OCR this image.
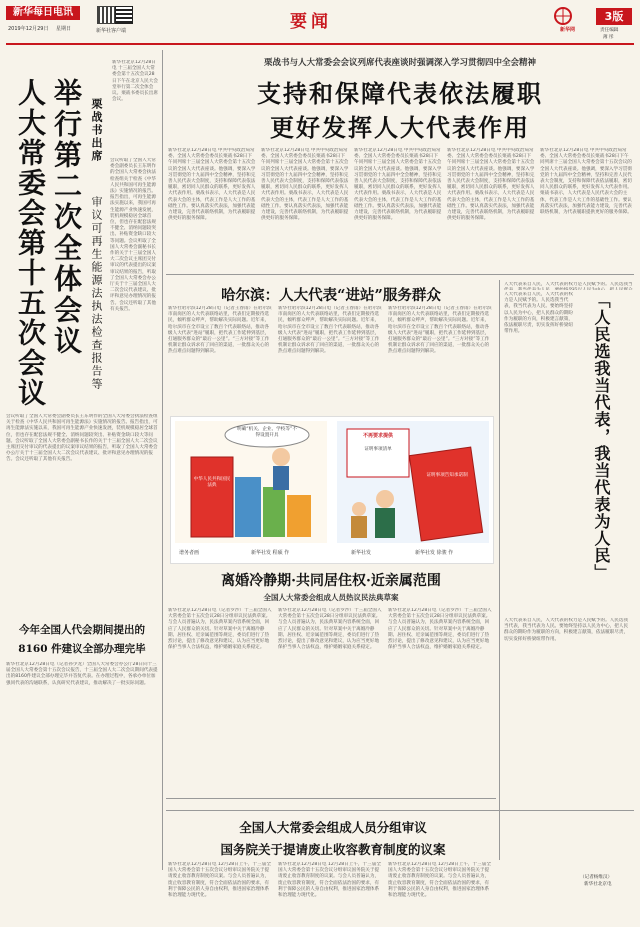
新华每日电讯
2019年12月29日 星期日	新华社客户端	要闻	新华网
3版
责任编辑
薄 彤
人大常委会第十五次会议 举行第二次全体会议 栗战书出席
审议可再生能源法执法检查报告等
新华社北京12月28日电 十三届全国人大常委会第十五次会议28日下午在北京人民大会堂举行第二次全体会议。栗战书委员长出席会议。
会议听取了全国人大常委会副委员长王东明作的全国人大常委会执法检查组关于检查《中华人民共和国可再生能源法》实施情况的报告。报告指出，可再生能源法实施以来，我国可再生能源产业快速发展，装机规模稳居全球首位，但也存在配套法规不健全、消纳问题较突出、补贴资金缺口较大等问题。会议听取了全国人大常委会副秘书长作的关于十三届全国人大二次会议主席团交付审议的代表提出的议案审议结果的报告，听取了全国人大常委会办公厅关于十三届全国人大二次会议代表建议、批评和意见办理情况的报告。会议还听取了其他有关报告。
会议听取了全国人大常委会副委员长王东明作的全国人大常委会执法检查组关于检查《中华人民共和国可再生能源法》实施情况的报告。报告指出，可再生能源法实施以来，我国可再生能源产业快速发展，装机规模稳居全球首位，但也存在配套法规不健全、消纳问题较突出、补贴资金缺口较大等问题。会议听取了全国人大常委会副秘书长作的关于十三届全国人大二次会议主席团交付审议的代表提出的议案审议结果的报告，听取了全国人大常委会办公厅关于十三届全国人大二次会议代表建议、批评和意见办理情况的报告。会议还听取了其他有关报告。
今年全国人代会期间提出的
8160 件建议全部办理完毕
新华社北京12月28日电（记者孙少龙）全国人大常委会办公厅28日向十三届全国人大常委会第十五次会议报告，十三届全国人大二次会议期间代表提出的8160件建议全部办理完毕并答复代表。在办理过程中，各承办单位加强同代表的沟通联系，认真研究代表建议，推动解决了一批实际问题。
栗战书与人大常委会会议列席代表座谈时强调深入学习贯彻四中全会精神
支持和保障代表依法履职
更好发挥人大代表作用
新华社北京12月28日电 中共中央政治局常委、全国人大常委会委员长栗战书28日下午同列席十三届全国人大常委会第十五次会议的全国人大代表座谈。他强调，要深入学习贯彻党的十九届四中全会精神，坚持和完善人民代表大会制度，支持和保障代表依法履职，密切同人民群众的联系，更好发挥人大代表作用。栗战书表示，人大代表是人民代表大会的主体，代表工作是人大工作的基础性工作。要认真落实代表法，加强代表能力建设，完善代表联络机制，为代表履职提供更好的服务保障。
新华社北京12月28日电 中共中央政治局常委、全国人大常委会委员长栗战书28日下午同列席十三届全国人大常委会第十五次会议的全国人大代表座谈。他强调，要深入学习贯彻党的十九届四中全会精神，坚持和完善人民代表大会制度，支持和保障代表依法履职，密切同人民群众的联系，更好发挥人大代表作用。栗战书表示，人大代表是人民代表大会的主体，代表工作是人大工作的基础性工作。要认真落实代表法，加强代表能力建设，完善代表联络机制，为代表履职提供更好的服务保障。
新华社北京12月28日电 中共中央政治局常委、全国人大常委会委员长栗战书28日下午同列席十三届全国人大常委会第十五次会议的全国人大代表座谈。他强调，要深入学习贯彻党的十九届四中全会精神，坚持和完善人民代表大会制度，支持和保障代表依法履职，密切同人民群众的联系，更好发挥人大代表作用。栗战书表示，人大代表是人民代表大会的主体，代表工作是人大工作的基础性工作。要认真落实代表法，加强代表能力建设，完善代表联络机制，为代表履职提供更好的服务保障。
新华社北京12月28日电 中共中央政治局常委、全国人大常委会委员长栗战书28日下午同列席十三届全国人大常委会第十五次会议的全国人大代表座谈。他强调，要深入学习贯彻党的十九届四中全会精神，坚持和完善人民代表大会制度，支持和保障代表依法履职，密切同人民群众的联系，更好发挥人大代表作用。栗战书表示，人大代表是人民代表大会的主体，代表工作是人大工作的基础性工作。要认真落实代表法，加强代表能力建设，完善代表联络机制，为代表履职提供更好的服务保障。
新华社北京12月28日电 中共中央政治局常委、全国人大常委会委员长栗战书28日下午同列席十三届全国人大常委会第十五次会议的全国人大代表座谈。他强调，要深入学习贯彻党的十九届四中全会精神，坚持和完善人民代表大会制度，支持和保障代表依法履职，密切同人民群众的联系，更好发挥人大代表作用。栗战书表示，人大代表是人民代表大会的主体，代表工作是人大工作的基础性工作。要认真落实代表法，加强代表能力建设，完善代表联络机制，为代表履职提供更好的服务保障。
哈尔滨：人大代表“进站”服务群众
新华社哈尔滨12月28日电（记者王春雨）在哈尔滨市南岗区的人大代表联络站里，代表们定期接待选民，倾听群众呼声，帮助解决实际问题。近年来，哈尔滨市在全市设立了数百个代表联络站，推动各级人大代表“进站”履职，把代表工作延伸到基层，打通服务群众的“最后一公里”。“三方对接”等工作机制让群众诉求有了回应的渠道，一批群众关心的热点难点问题得到解决。
新华社哈尔滨12月28日电（记者王春雨）在哈尔滨市南岗区的人大代表联络站里，代表们定期接待选民，倾听群众呼声，帮助解决实际问题。近年来，哈尔滨市在全市设立了数百个代表联络站，推动各级人大代表“进站”履职，把代表工作延伸到基层，打通服务群众的“最后一公里”。“三方对接”等工作机制让群众诉求有了回应的渠道，一批群众关心的热点难点问题得到解决。
新华社哈尔滨12月28日电（记者王春雨）在哈尔滨市南岗区的人大代表联络站里，代表们定期接待选民，倾听群众呼声，帮助解决实际问题。近年来，哈尔滨市在全市设立了数百个代表联络站，推动各级人大代表“进站”履职，把代表工作延伸到基层，打通服务群众的“最后一公里”。“三方对接”等工作机制让群众诉求有了回应的渠道，一批群众关心的热点难点问题得到解决。
明确“机关、企业、学校等”不得设置开具
中华人民共和国民法典
不再要求提供
证明事项清单
证明事项告知承诺制
谱务者画	新华社发 程硕 作	新华社发	新华社发 徐骏 作
离婚冷静期·共同居住权·近亲属范围
全国人大常委会组成人员热议民法典草案
新华社北京12月28日电（记者罗沙）十三届全国人大常委会第十五次会议28日分组审议民法典草案。与会人员普遍认为，民法典草案内容系统全面，回应了人民群众的关切。针对草案中关于离婚冷静期、居住权、近亲属范围等规定，委员们进行了热烈讨论，提出了修改意见和建议，认为应当更好地保护当事人合法权益，维护婚姻家庭关系稳定。
新华社北京12月28日电（记者罗沙）十三届全国人大常委会第十五次会议28日分组审议民法典草案。与会人员普遍认为，民法典草案内容系统全面，回应了人民群众的关切。针对草案中关于离婚冷静期、居住权、近亲属范围等规定，委员们进行了热烈讨论，提出了修改意见和建议，认为应当更好地保护当事人合法权益，维护婚姻家庭关系稳定。
新华社北京12月28日电（记者罗沙）十三届全国人大常委会第十五次会议28日分组审议民法典草案。与会人员普遍认为，民法典草案内容系统全面，回应了人民群众的关切。针对草案中关于离婚冷静期、居住权、近亲属范围等规定，委员们进行了热烈讨论，提出了修改意见和建议，认为应当更好地保护当事人合法权益，维护婚姻家庭关系稳定。
人大代表来自人民，人大代表的权力是人民赋予的。人民选我当
人大代表来自人民，人大代表的权力是人民赋予的。人民选我当代表，我当代表为人民。要始终坚持以人民为中心，把人民群众的期盼作为履职的方向，积极建言献策，依法履职尽责，切实发挥好桥梁纽带作用。	「人民选我当代表，我当代表为人民」
人大代表来自人民，人大代表的权力是人民赋予的。人民选我当代表，我当代表为人民。要始终坚持以人民为中心，把人民群众的期盼作为履职的方向，积极建言献策，依法履职尽责，切实发挥好桥梁纽带作用。
（记者杨维汉）
新华社北京电
全国人大常委会组成人员分组审议
国务院关于提请废止收容教育制度的议案
新华社北京12月28日电 12月28日上午，十三届全国人大常委会第十五次会议分组审议国务院关于提请废止收容教育制度的议案。与会人员普遍认为，废止收容教育制度，符合全面依法治国的要求，有利于保障公民的人身自由权利，推进国家治理体系和治理能力现代化。
新华社北京12月28日电 12月28日上午，十三届全国人大常委会第十五次会议分组审议国务院关于提请废止收容教育制度的议案。与会人员普遍认为，废止收容教育制度，符合全面依法治国的要求，有利于保障公民的人身自由权利，推进国家治理体系和治理能力现代化。
新华社北京12月28日电 12月28日上午，十三届全国人大常委会第十五次会议分组审议国务院关于提请废止收容教育制度的议案。与会人员普遍认为，废止收容教育制度，符合全面依法治国的要求，有利于保障公民的人身自由权利，推进国家治理体系和治理能力现代化。
